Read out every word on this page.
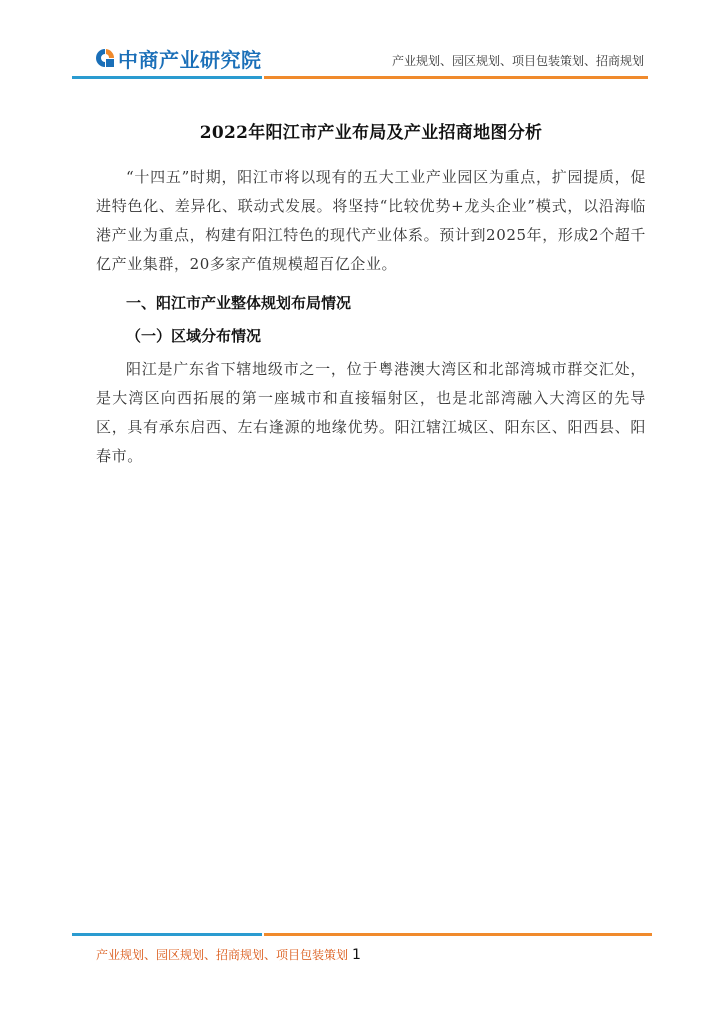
中商产业研究院	产业规划、园区规划、项目包装策划、招商规划
2022年阳江市产业布局及产业招商地图分析

“十四五”时期，阳江市将以现有的五大工业产业园区为重点，扩园提质，促进特色化、差异化、联动式发展。将坚持“比较优势+龙头企业”模式，以沿海临港产业为重点，构建有阳江特色的现代产业体系。预计到2025年，形成2个超千亿产业集群，20多家产值规模超百亿企业。

一、阳江市产业整体规划布局情况
（一）区域分布情况

阳江是广东省下辖地级市之一，位于粤港澳大湾区和北部湾城市群交汇处，是大湾区向西拓展的第一座城市和直接辐射区，也是北部湾融入大湾区的先导区，具有承东启西、左右逢源的地缘优势。阳江辖江城区、阳东区、阳西县、阳春市。

产业规划、园区规划、招商规划、项目包装策划 1
